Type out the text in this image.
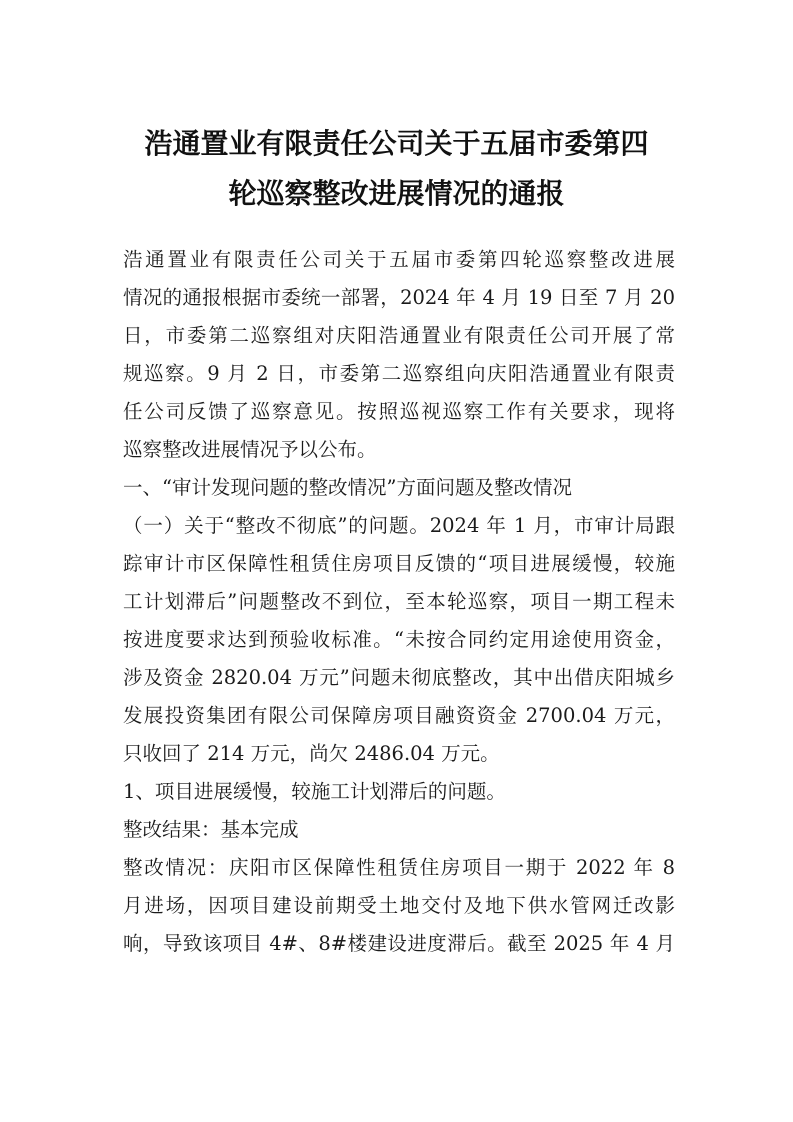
浩通置业有限责任公司关于五届市委第四
轮巡察整改进展情况的通报
浩通置业有限责任公司关于五届市委第四轮巡察整改进展
情况的通报根据市委统一部署，2024 年 4 月 19 日至 7 月 20
日，市委第二巡察组对庆阳浩通置业有限责任公司开展了常
规巡察。9 月 2 日，市委第二巡察组向庆阳浩通置业有限责
任公司反馈了巡察意见。按照巡视巡察工作有关要求，现将
巡察整改进展情况予以公布。
一、“审计发现问题的整改情况”方面问题及整改情况
（一）关于“整改不彻底”的问题。2024 年 1 月，市审计局跟
踪审计市区保障性租赁住房项目反馈的“项目进展缓慢，较施
工计划滞后”问题整改不到位，至本轮巡察，项目一期工程未
按进度要求达到预验收标准。“未按合同约定用途使用资金，
涉及资金 2820.04 万元”问题未彻底整改，其中出借庆阳城乡
发展投资集团有限公司保障房项目融资资金 2700.04 万元，
只收回了 214 万元，尚欠 2486.04 万元。
1、项目进展缓慢，较施工计划滞后的问题。
整改结果：基本完成
整改情况：庆阳市区保障性租赁住房项目一期于 2022 年 8
月进场，因项目建设前期受土地交付及地下供水管网迁改影
响，导致该项目 4#、8#楼建设进度滞后。截至 2025 年 4 月
